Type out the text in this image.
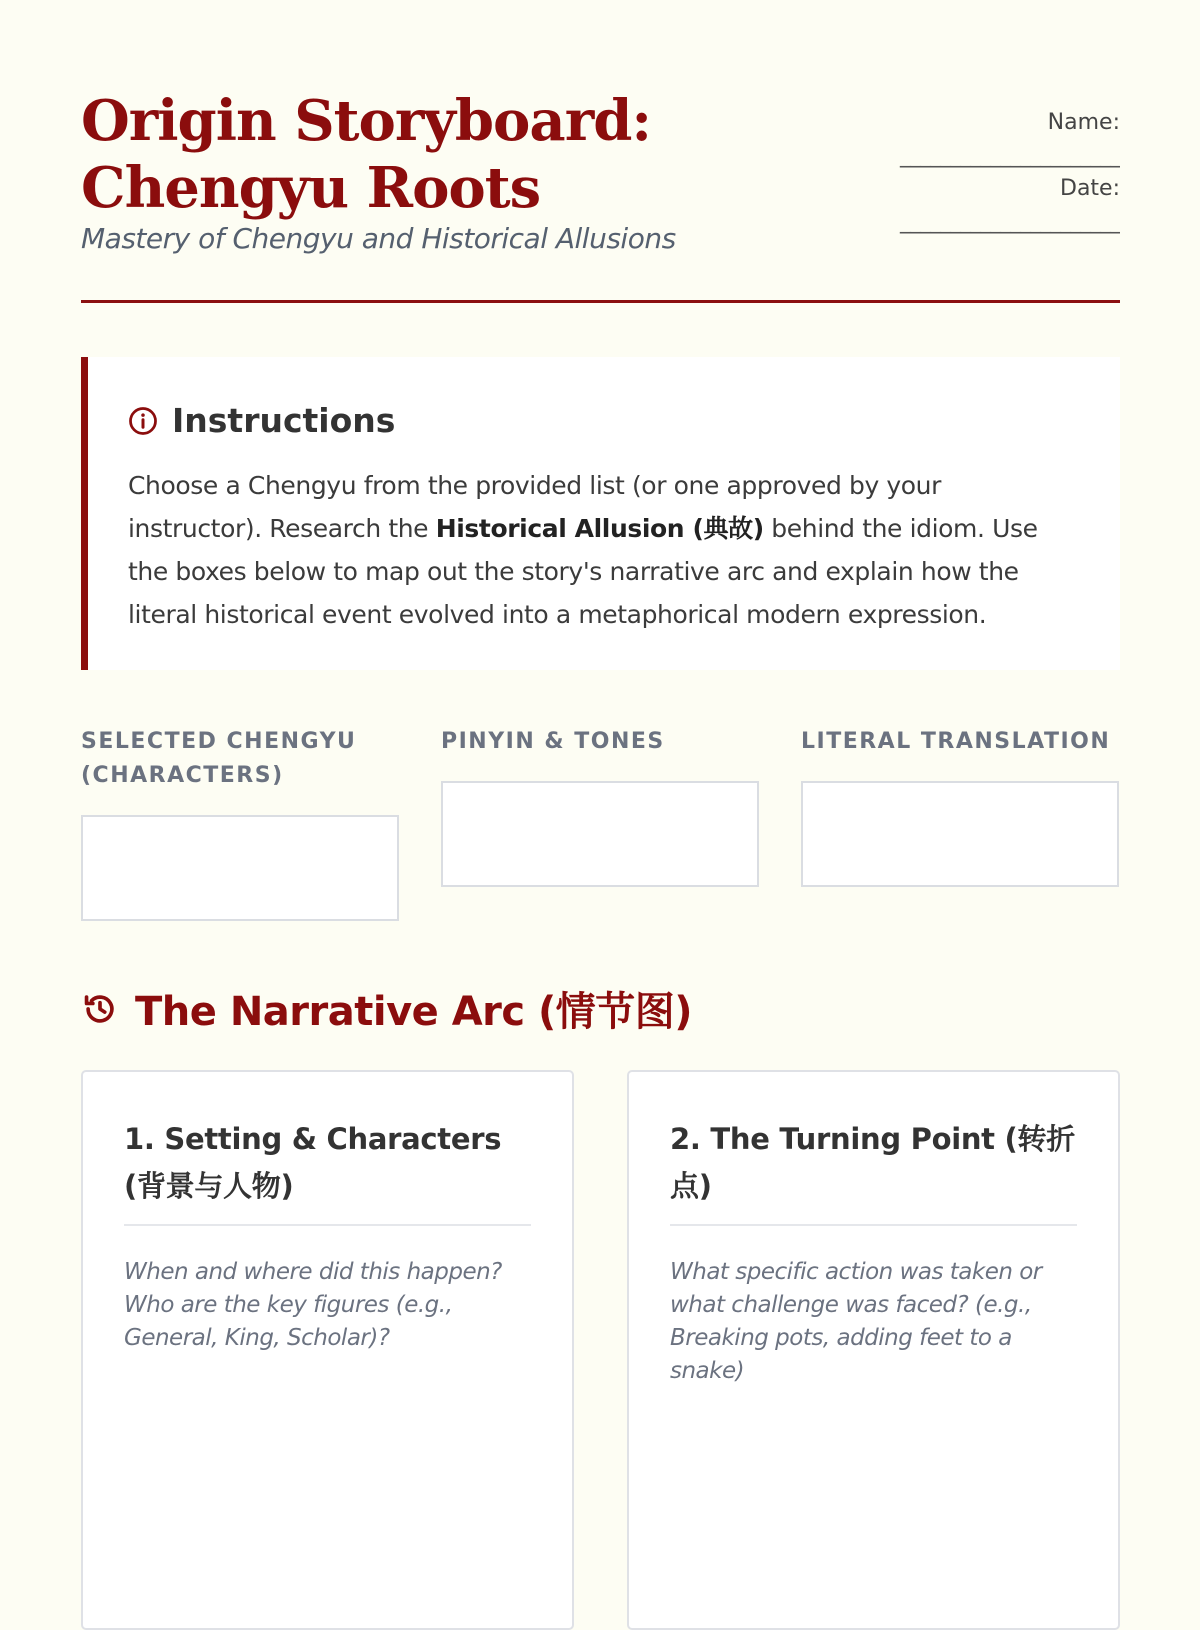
Origin Storyboard: Chengyu Roots

Mastery of Chengyu and Historical Allusions

Name:
______________________
Date:
______________________
Instructions

Choose a Chengyu from the provided list (or one approved by your instructor). Research the Historical Allusion (典故) behind the idiom. Use the boxes below to map out the story's narrative arc and explain how the literal historical event evolved into a metaphorical modern expression.

SELECTED CHENGYU (CHARACTERS)

PINYIN & TONES	LITERAL TRANSLATION

The Narrative Arc (情节图)
1. Setting & Characters (背景与人物)

When and where did this happen? Who are the key figures (e.g., General, King, Scholar)?

2. The Turning Point (转折点)

What specific action was taken or what challenge was faced? (e.g., Breaking pots, adding feet to a snake)
